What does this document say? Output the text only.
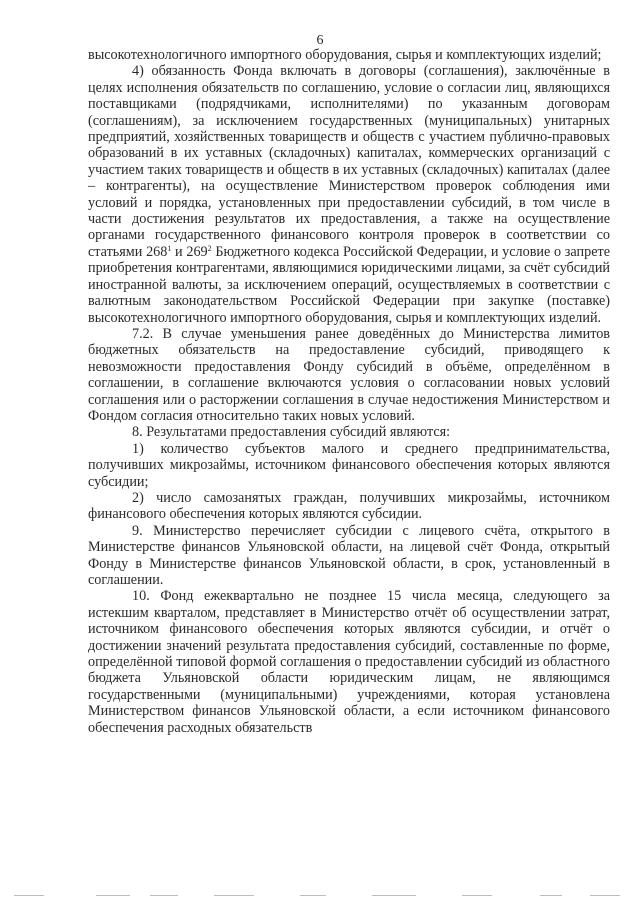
6

высокотехнологичного импортного оборудования, сырья и комплектующих изделий;

4) обязанность Фонда включать в договоры (соглашения), заключённые в целях исполнения обязательств по соглашению, условие о согласии лиц, являющихся поставщиками (подрядчиками, исполнителями) по указанным договорам (соглашениям), за исключением государственных (муниципальных) унитарных предприятий, хозяйственных товариществ и обществ с участием публично-правовых образований в их уставных (складочных) капиталах, коммерческих организаций с участием таких товариществ и обществ в их уставных (складочных) капиталах (далее – контрагенты), на осуществление Министерством проверок соблюдения ими условий и порядка, установленных при предоставлении субсидий, в том числе в части достижения результатов их предоставления, а также на осуществление органами государственного финансового контроля проверок в соответствии со статьями $268^1$ и $269^2$ Бюджетного кодекса Российской Федерации, и условие о запрете приобретения контрагентами, являющимися юридическими лицами, за счёт субсидий иностранной валюты, за исключением операций, осуществляемых в соответствии с валютным законодательством Российской Федерации при закупке (поставке) высокотехнологичного импортного оборудования, сырья и комплектующих изделий.

7.2. В случае уменьшения ранее доведённых до Министерства лимитов бюджетных обязательств на предоставление субсидий, приводящего к невозможности предоставления Фонду субсидий в объёме, определённом в соглашении, в соглашение включаются условия о согласовании новых условий соглашения или о расторжении соглашения в случае недостижения Министерством и Фондом согласия относительно таких новых условий.

8. Результатами предоставления субсидий являются:

1) количество субъектов малого и среднего предпринимательства, получивших микрозаймы, источником финансового обеспечения которых являются субсидии;

2) число самозанятых граждан, получивших микрозаймы, источником финансового обеспечения которых являются субсидии.

9. Министерство перечисляет субсидии с лицевого счёта, открытого в Министерстве финансов Ульяновской области, на лицевой счёт Фонда, открытый Фонду в Министерстве финансов Ульяновской области, в срок, установленный в соглашении.

10. Фонд ежеквартально не позднее 15 числа месяца, следующего за истекшим кварталом, представляет в Министерство отчёт об осуществлении затрат, источником финансового обеспечения которых являются субсидии, и отчёт о достижении значений результата предоставления субсидий, составленные по форме, определённой типовой формой соглашения о предоставлении субсидий из областного бюджета Ульяновской области юридическим лицам, не являющимся государственными (муниципальными) учреждениями, которая установлена Министерством финансов Ульяновской области, а если источником финансового обеспечения расходных обязательств
